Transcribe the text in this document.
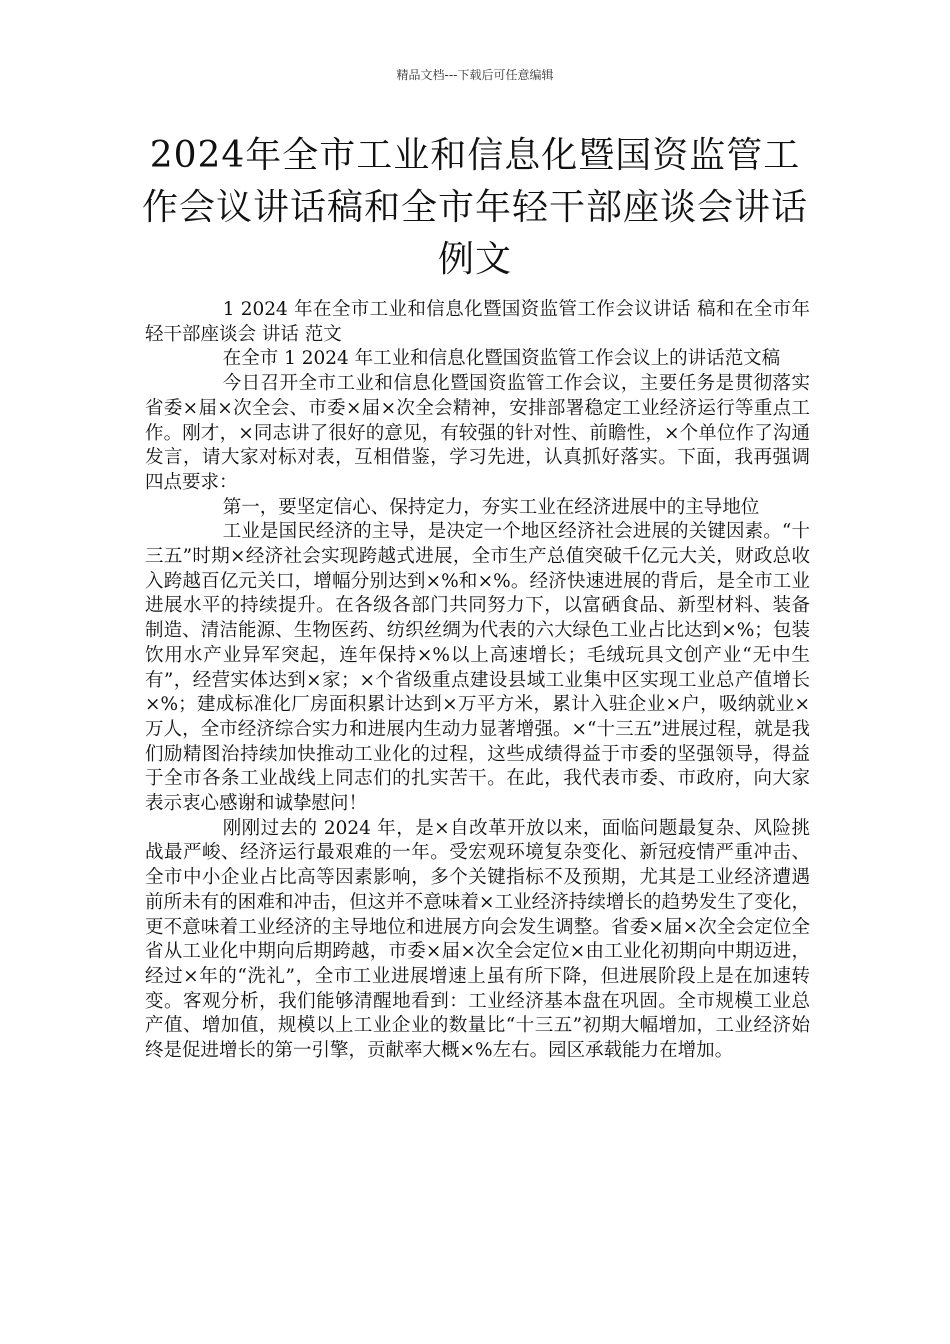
精品文档---下载后可任意编辑
2024年全市工业和信息化暨国资监管工作会议讲话稿和全市年轻干部座谈会讲话例文

1 2024 年在全市工业和信息化暨国资监管工作会议讲话 稿和在全市年轻干部座谈会 讲话 范文

在全市 1 2024 年工业和信息化暨国资监管工作会议上的讲话范文稿

今日召开全市工业和信息化暨国资监管工作会议，主要任务是贯彻落实省委×届×次全会、市委×届×次全会精神，安排部署稳定工业经济运行等重点工作。刚才，×同志讲了很好的意见，有较强的针对性、前瞻性，×个单位作了沟通发言，请大家对标对表，互相借鉴，学习先进，认真抓好落实。下面，我再强调四点要求：

第一，要坚定信心、保持定力，夯实工业在经济进展中的主导地位

工业是国民经济的主导，是决定一个地区经济社会进展的关键因素。“十三五”时期×经济社会实现跨越式进展，全市生产总值突破千亿元大关，财政总收入跨越百亿元关口，增幅分别达到×%和×%。经济快速进展的背后，是全市工业进展水平的持续提升。在各级各部门共同努力下，以富硒食品、新型材料、装备制造、清洁能源、生物医药、纺织丝绸为代表的六大绿色工业占比达到×%；包装饮用水产业异军突起，连年保持×%以上高速增长；毛绒玩具文创产业“无中生有”，经营实体达到×家；×个省级重点建设县域工业集中区实现工业总产值增长×%；建成标准化厂房面积累计达到×万平方米，累计入驻企业×户，吸纳就业×万人，全市经济综合实力和进展内生动力显著增强。×“十三五”进展过程，就是我们励精图治持续加快推动工业化的过程，这些成绩得益于市委的坚强领导，得益于全市各条工业战线上同志们的扎实苦干。在此，我代表市委、市政府，向大家表示衷心感谢和诚挚慰问！

刚刚过去的 2024 年，是×自改革开放以来，面临问题最复杂、风险挑战最严峻、经济运行最艰难的一年。受宏观环境复杂变化、新冠疫情严重冲击、全市中小企业占比高等因素影响，多个关键指标不及预期，尤其是工业经济遭遇前所未有的困难和冲击，但这并不意味着×工业经济持续增长的趋势发生了变化，更不意味着工业经济的主导地位和进展方向会发生调整。省委×届×次全会定位全省从工业化中期向后期跨越，市委×届×次全会定位×由工业化初期向中期迈进，经过×年的“洗礼”，全市工业进展增速上虽有所下降，但进展阶段上是在加速转变。客观分析，我们能够清醒地看到：工业经济基本盘在巩固。全市规模工业总产值、增加值，规模以上工业企业的数量比“十三五”初期大幅增加，工业经济始终是促进增长的第一引擎，贡献率大概×%左右。园区承载能力在增加。
